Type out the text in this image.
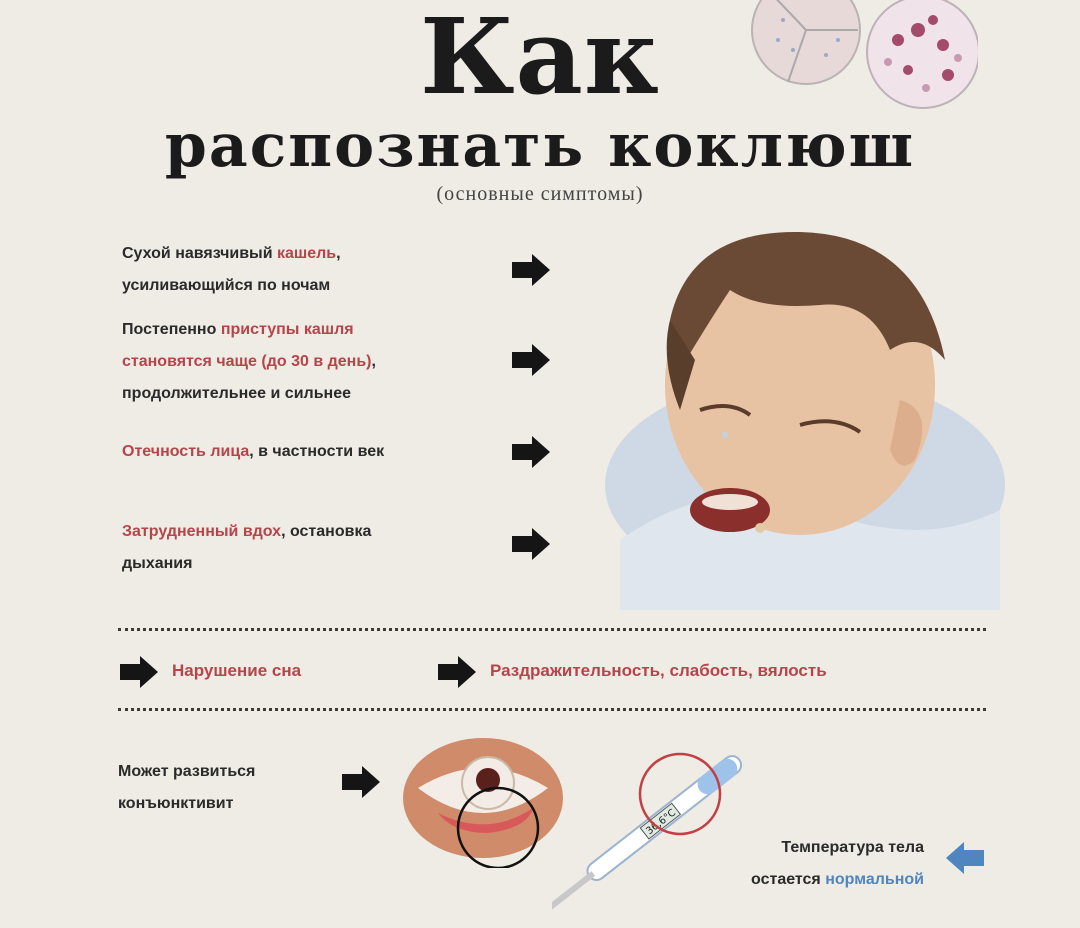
Как
распознать коклюш
(основные симптомы)
Сухой навязчивый кашель,
усиливающийся по ночам
Постепенно приступы кашля
становятся чаще (до 30 в день),
продолжительнее и сильнее
Отечность лица, в частности век
Затрудненный вдох, остановка
дыхания
Нарушение сна	Раздражительность, слабость, вялость
Может развиться
конъюнктивит
36,6°C
Температура тела
остается нормальной
